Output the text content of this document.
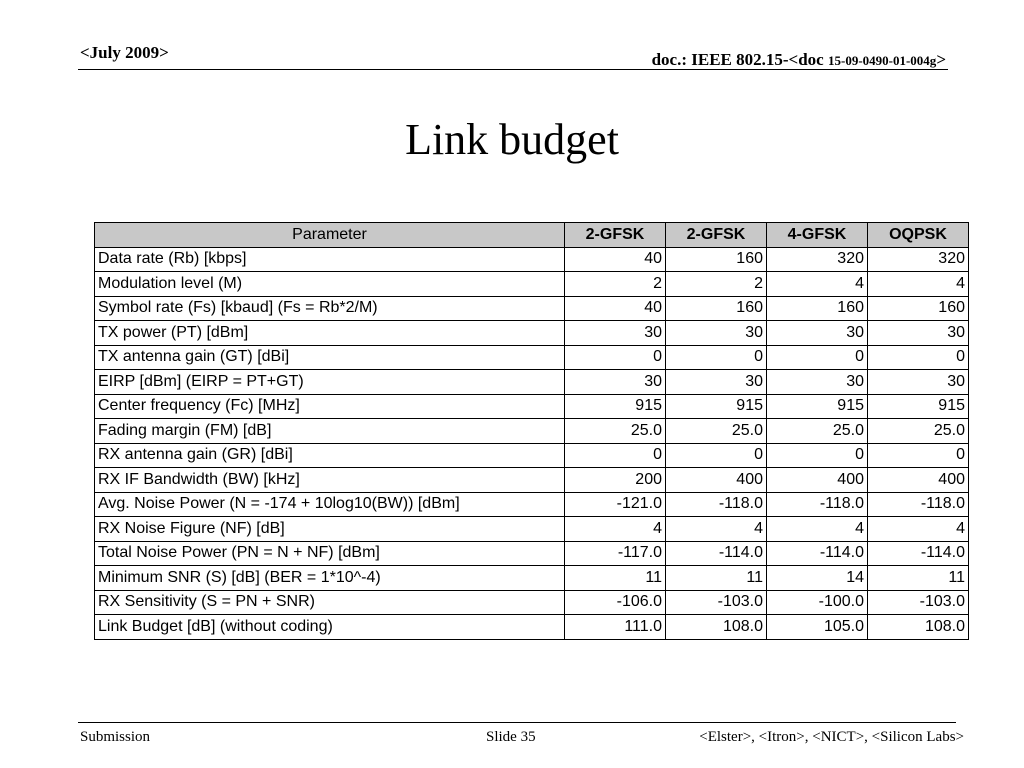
<July 2009>	doc.: IEEE 802.15-<doc 15-09-0490-01-004g>
Link budget
Parameter	2-GFSK	2-GFSK	4-GFSK	OQPSK
Data rate (Rb) [kbps]	40	160	320	320
Modulation level (M)	2	2	4	4
Symbol rate (Fs) [kbaud] (Fs = Rb*2/M)	40	160	160	160
TX power (PT) [dBm]	30	30	30	30
TX antenna gain (GT) [dBi]	0	0	0	0
EIRP [dBm] (EIRP = PT+GT)	30	30	30	30
Center frequency (Fc) [MHz]	915	915	915	915
Fading margin (FM) [dB]	25.0	25.0	25.0	25.0
RX antenna gain (GR) [dBi]	0	0	0	0
RX IF Bandwidth (BW) [kHz]	200	400	400	400
Avg. Noise Power (N = -174 + 10log10(BW)) [dBm]	-121.0	-118.0	-118.0	-118.0
RX Noise Figure (NF) [dB]	4	4	4	4
Total Noise Power (PN = N + NF) [dBm]	-117.0	-114.0	-114.0	-114.0
Minimum SNR (S) [dB] (BER = 1*10^-4)	11	11	14	11
RX Sensitivity (S = PN + SNR)	-106.0	-103.0	-100.0	-103.0
Link Budget [dB] (without coding)	111.0	108.0	105.0	108.0
Submission	Slide 35	<Elster>, <Itron>, <NICT>, <Silicon Labs>
